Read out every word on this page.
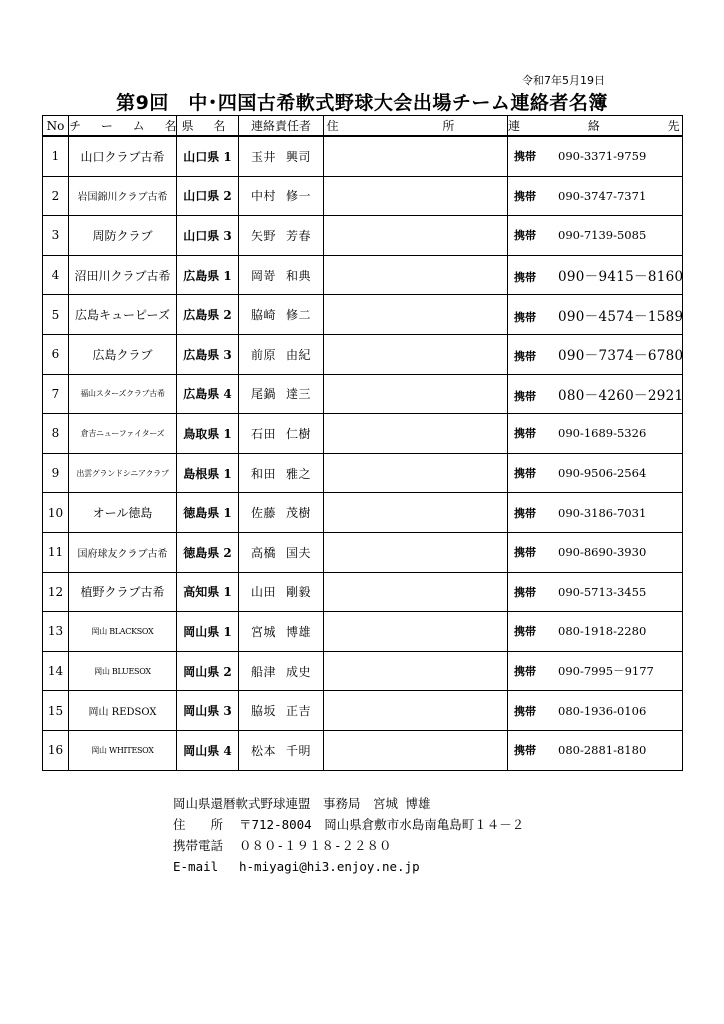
令和7年5月19日
第9回　中･四国古希軟式野球大会出場チーム連絡者名簿
No	チ ー ム 名	県 名	連絡責任者	住 所	連 絡 先
1	山口クラブ古希	山口県 1	玉井 興司		携帯 090-3371-9759
2	岩国錦川クラブ古希	山口県 2	中村 修一		携帯 090-3747-7371
3	周防クラブ	山口県 3	矢野 芳春		携帯 090-7139-5085
4	沼田川クラブ古希	広島県 1	岡嵜 和典		携帯 090－9415－8160
5	広島キューピーズ	広島県 2	脇崎 修二		携帯 090－4574－1589
6	広島クラブ	広島県 3	前原 由紀		携帯 090－7374－6780
7	福山スターズクラブ古希	広島県 4	尾鍋 達三		携帯 080－4260－2921
8	倉吉ニューファイターズ	鳥取県 1	石田 仁樹		携帯 090-1689-5326
9	出雲グランドシニアクラブ	島根県 1	和田 雅之		携帯 090-9506-2564
10	オール徳島	徳島県 1	佐藤 茂樹		携帯 090-3186-7031
11	国府球友クラブ古希	徳島県 2	高橋 国夫		携帯 090-8690-3930
12	植野クラブ古希	高知県 1	山田 剛毅		携帯 090-5713-3455
13	岡山 BLACKSOX	岡山県 1	宮城 博雄		携帯 080-1918-2280
14	岡山 BLUESOX	岡山県 2	船津 成史		携帯 090-7995－9177
15	岡山 REDSOX	岡山県 3	脇坂 正吉		携帯 080-1936-0106
16	岡山 WHITESOX	岡山県 4	松本 千明		携帯 080-2881-8180
岡山県還暦軟式野球連盟　事務局　宮城 博雄
住　　所 〒712-8004　岡山県倉敷市水島南亀島町１４－２
携帯電話 ０８０-１９１８-２２８０
E-mail h-miyagi@hi3.enjoy.ne.jp
